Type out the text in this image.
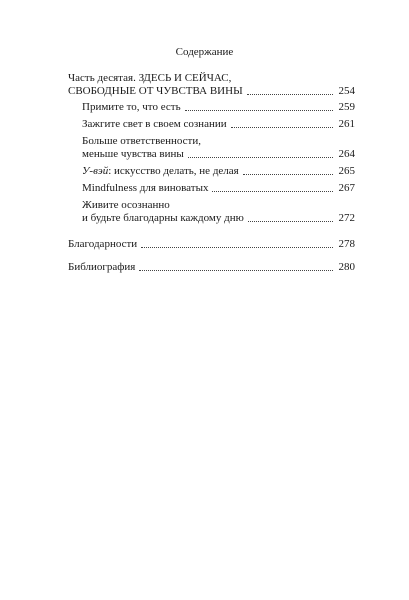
Содержание
Часть десятая. ЗДЕСЬ И СЕЙЧАС,
СВОБОДНЫЕ ОТ ЧУВСТВА ВИНЫ	254
Примите то, что есть	259
Зажгите свет в своем сознании	261
Больше ответственности,
меньше чувства вины	264
У-вэй: искусство делать, не делая	265
Mindfulness для виноватых	267
Живите осознанно
и будьте благодарны каждому дню	272
Благодарности	278
Библиография	280
